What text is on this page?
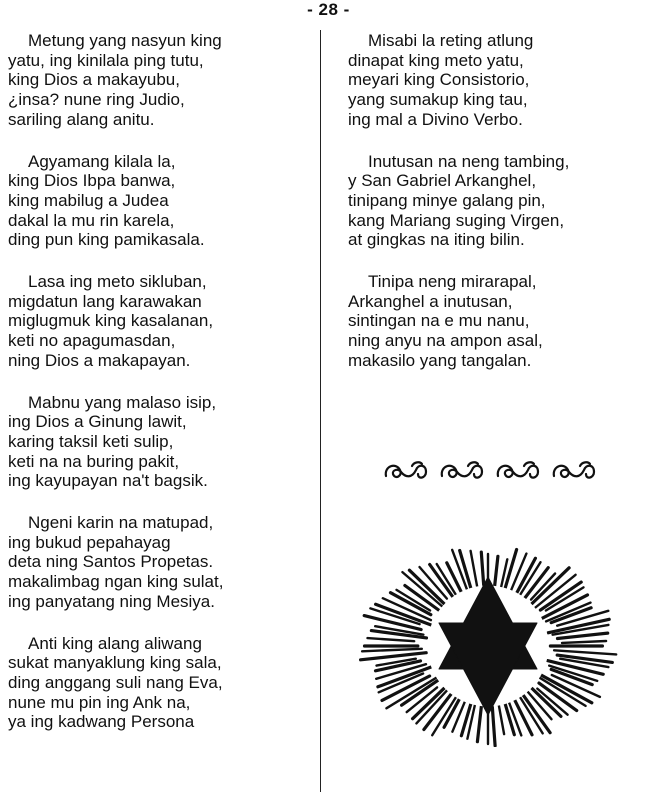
- 28 -
Metung yang nasyun king
yatu, ing kinilala ping tutu,
king Dios a makayubu,
¿insa? nune ring Judio,
sariling alang anitu.
Agyamang kilala la,
king Dios Ibpa banwa,
king mabilug a Judea
dakal la mu rin karela,
ding pun king pamikasala.
Lasa ing meto sikluban,
migdatun lang karawakan
miglugmuk king kasalanan,
keti no apagumasdan,
ning Dios a makapayan.
Mabnu yang malaso isip,
ing Dios a Ginung lawit,
karing taksil keti sulip,
keti na na buring pakit,
ing kayupayan na't bagsik.
Ngeni karin na matupad,
ing bukud pepahayag
deta ning Santos Propetas.
makalimbag ngan king sulat,
ing panyatang ning Mesiya.
Anti king alang aliwang
sukat manyaklung king sala,
ding anggang suli nang Eva,
nune mu pin ing Ank na,
ya ing kadwang Persona
Misabi la reting atlung
dinapat king meto yatu,
meyari king Consistorio,
yang sumakup king tau,
ing mal a Divino Verbo.
Inutusan na neng tambing,
y San Gabriel Arkanghel,
tinipang minye galang pin,
kang Mariang suging Virgen,
at gingkas na iting bilin.
Tinipa neng mirarapal,
Arkanghel a inutusan,
sintingan na e mu nanu,
ning anyu na ampon asal,
makasilo yang tangalan.
